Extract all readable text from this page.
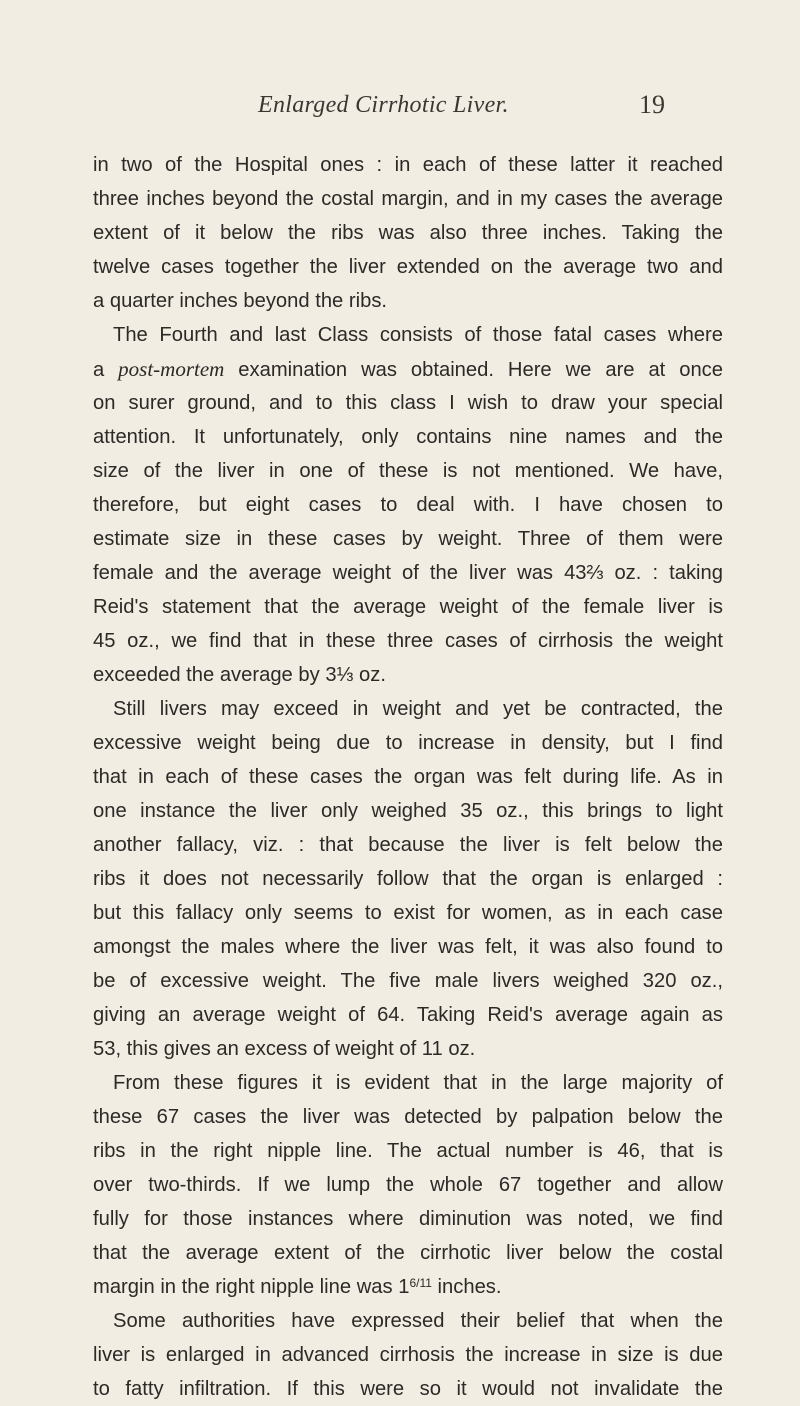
Enlarged Cirrhotic Liver.	19
in two of the Hospital ones : in each of these latter it reached
three inches beyond the costal margin, and in my cases the average
extent of it below the ribs was also three inches. Taking the
twelve cases together the liver extended on the average two and
a quarter inches beyond the ribs.
The Fourth and last Class consists of those fatal cases where
a post-mortem examination was obtained. Here we are at once
on surer ground, and to this class I wish to draw your special
attention. It unfortunately, only contains nine names and the
size of the liver in one of these is not mentioned. We have,
therefore, but eight cases to deal with. I have chosen to
estimate size in these cases by weight. Three of them were
female and the average weight of the liver was 43⅔ oz. : taking
Reid's statement that the average weight of the female liver is
45 oz., we find that in these three cases of cirrhosis the weight
exceeded the average by 3⅓ oz.
Still livers may exceed in weight and yet be contracted, the
excessive weight being due to increase in density, but I find
that in each of these cases the organ was felt during life. As in
one instance the liver only weighed 35 oz., this brings to light
another fallacy, viz. : that because the liver is felt below the
ribs it does not necessarily follow that the organ is enlarged :
but this fallacy only seems to exist for women, as in each case
amongst the males where the liver was felt, it was also found to
be of excessive weight. The five male livers weighed 320 oz.,
giving an average weight of 64. Taking Reid's average again as
53, this gives an excess of weight of 11 oz.
From these figures it is evident that in the large majority of
these 67 cases the liver was detected by palpation below the
ribs in the right nipple line. The actual number is 46, that is
over two-thirds. If we lump the whole 67 together and allow
fully for those instances where diminution was noted, we find
that the average extent of the cirrhotic liver below the costal
margin in the right nipple line was $1^{6/11}$ inches.
Some authorities have expressed their belief that when the
liver is enlarged in advanced cirrhosis the increase in size is due
to fatty infiltration. If this were so it would not invalidate the
